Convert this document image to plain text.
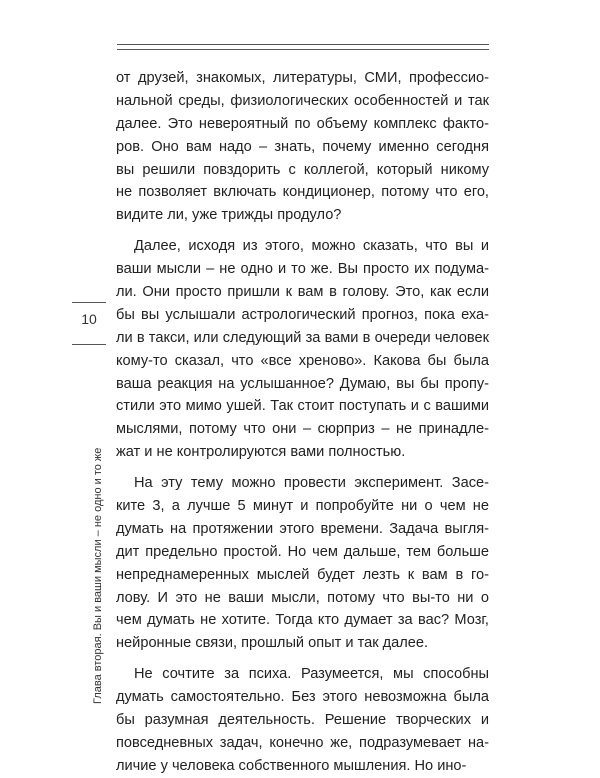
10
Глава вторая. Вы и ваши мысли – не одно и то же
от друзей, знакомых, литературы, СМИ, профессио-
нальной среды, физиологических особенностей и так
далее. Это невероятный по объему комплекс факто-
ров. Оно вам надо – знать, почему именно сегодня
вы решили повздорить с коллегой, который никому
не позволяет включать кондиционер, потому что его,
видите ли, уже трижды продуло?
Далее, исходя из этого, можно сказать, что вы и
ваши мысли – не одно и то же. Вы просто их подума-
ли. Они просто пришли к вам в голову. Это, как если
бы вы услышали астрологический прогноз, пока еха-
ли в такси, или следующий за вами в очереди человек
кому-то сказал, что «все хреново». Какова бы была
ваша реакция на услышанное? Думаю, вы бы пропу-
стили это мимо ушей. Так стоит поступать и с вашими
мыслями, потому что они – сюрприз – не принадле-
жат и не контролируются вами полностью.
На эту тему можно провести эксперимент. Засе-
ките 3, а лучше 5 минут и попробуйте ни о чем не
думать на протяжении этого времени. Задача выгля-
дит предельно простой. Но чем дальше, тем больше
непреднамеренных мыслей будет лезть к вам в го-
лову. И это не ваши мысли, потому что вы-то ни о
чем думать не хотите. Тогда кто думает за вас? Мозг,
нейронные связи, прошлый опыт и так далее.
Не сочтите за психа. Разумеется, мы способны
думать самостоятельно. Без этого невозможна была
бы разумная деятельность. Решение творческих и
повседневных задач, конечно же, подразумевает на-
личие у человека собственного мышления. Но ино-
